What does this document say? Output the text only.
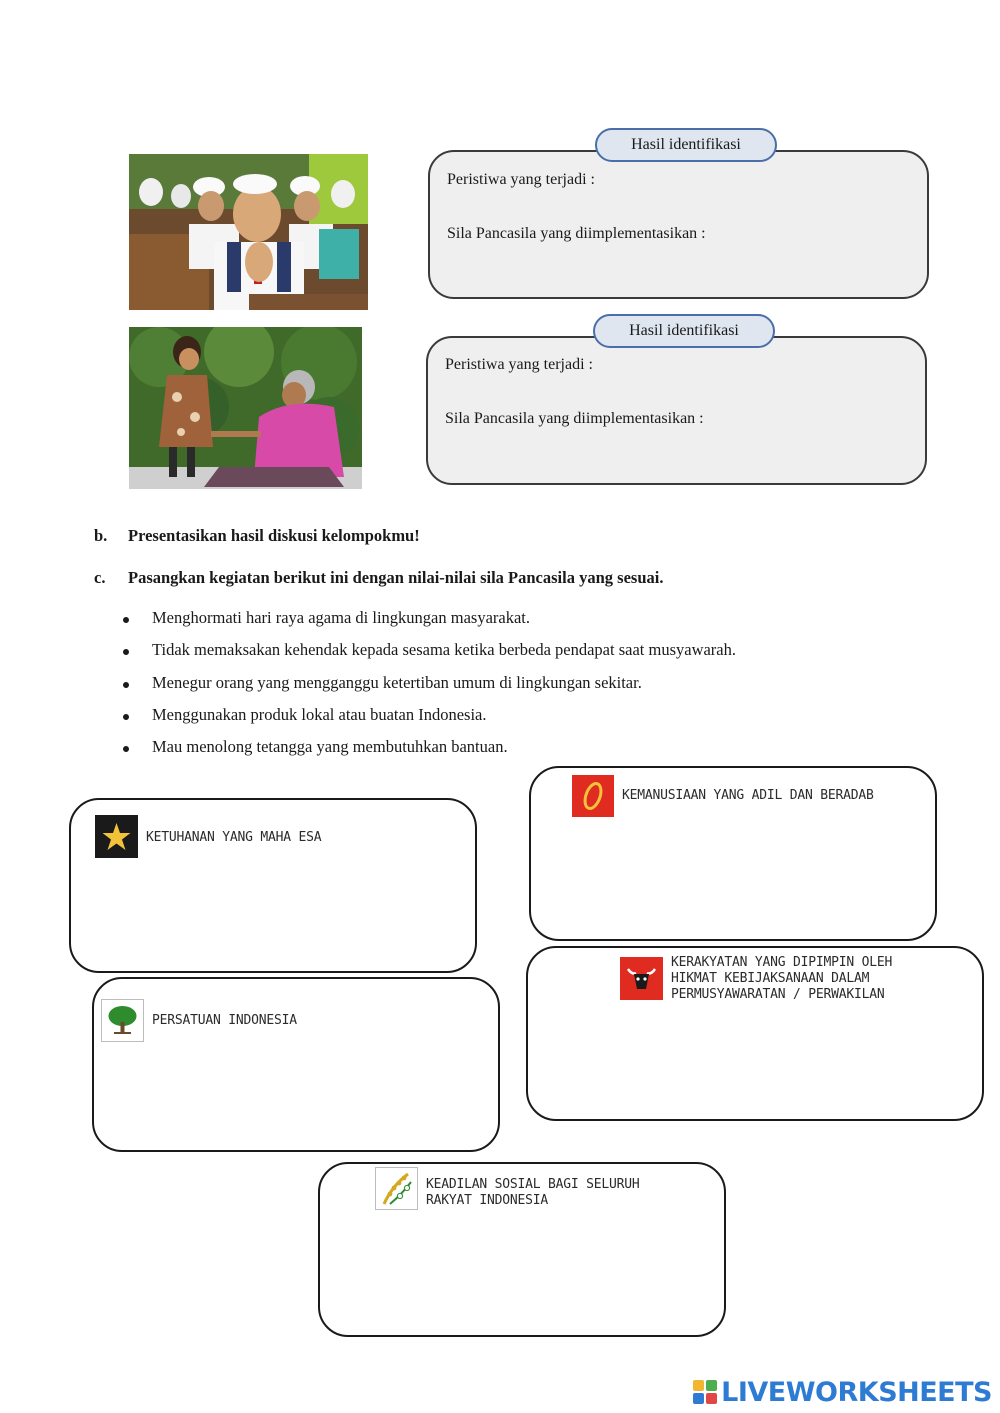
Hasil identifikasi
Peristiwa yang terjadi :
Sila Pancasila yang diimplementasikan :
Hasil identifikasi
Peristiwa yang terjadi :
Sila Pancasila yang diimplementasikan :
b. Presentasikan hasil diskusi kelompokmu!
c. Pasangkan kegiatan berikut ini dengan nilai-nilai sila Pancasila yang sesuai.
Menghormati hari raya agama di lingkungan masyarakat.
Tidak memaksakan kehendak kepada sesama ketika berbeda pendapat saat musyawarah.
Menegur orang yang mengganggu ketertiban umum di lingkungan sekitar.
Menggunakan produk lokal atau buatan Indonesia.
Mau menolong tetangga yang membutuhkan bantuan.
KEMANUSIAAN YANG ADIL DAN BERADAB
KETUHANAN YANG MAHA ESA
KERAKYATAN YANG DIPIMPIN OLEH
HIKMAT KEBIJAKSANAAN DALAM
PERMUSYAWARATAN / PERWAKILAN
PERSATUAN INDONESIA
KEADILAN SOSIAL BAGI SELURUH
RAKYAT INDONESIA
LIVEWORKSHEETS
